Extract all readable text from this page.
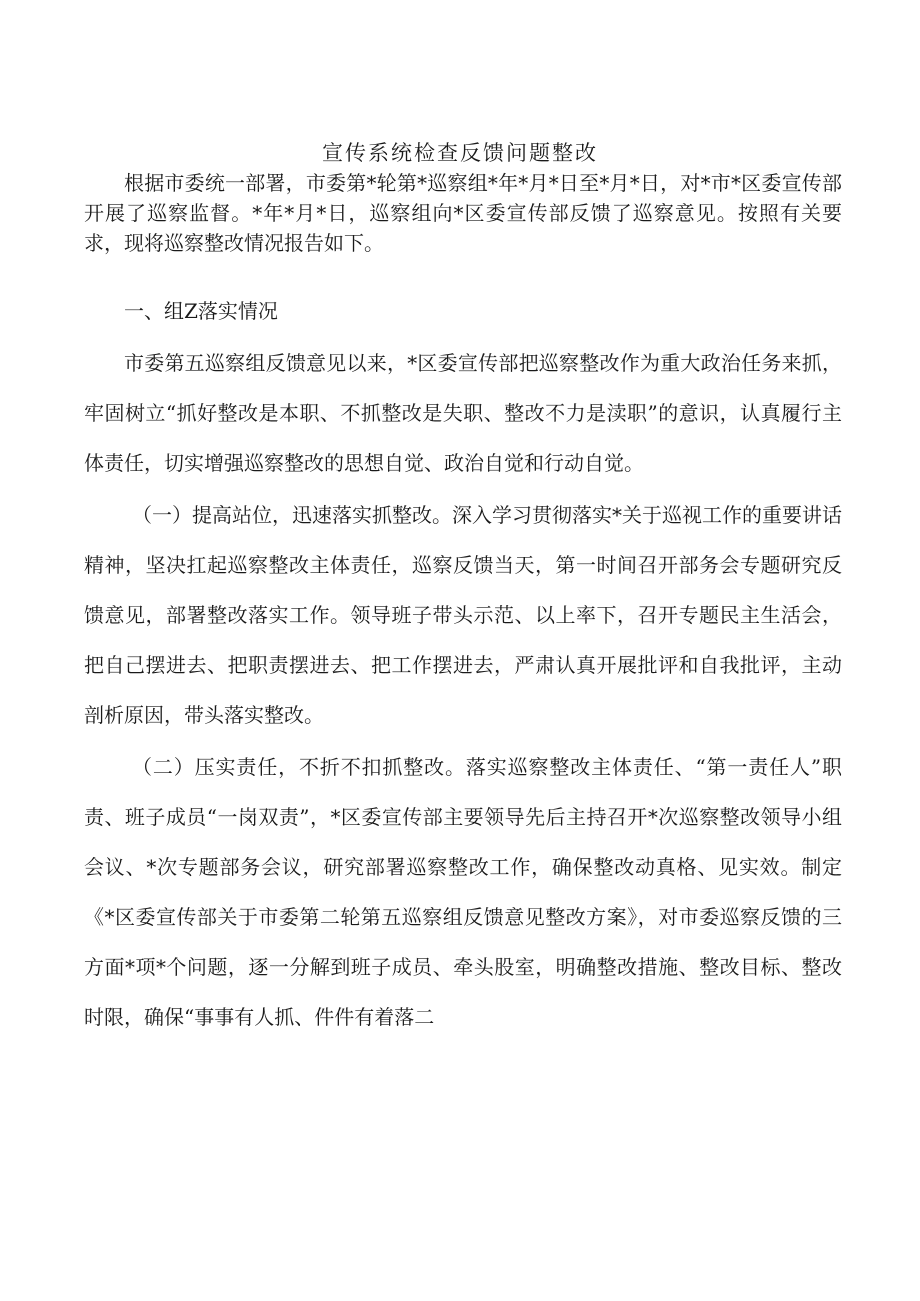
宣传系统检查反馈问题整改

根据市委统一部署，市委第*轮第*巡察组*年*月*日至*月*日，对*市*区委宣传部开展了巡察监督。*年*月*日，巡察组向*区委宣传部反馈了巡察意见。按照有关要求，现将巡察整改情况报告如下。

一、组Z落实情况

市委第五巡察组反馈意见以来，*区委宣传部把巡察整改作为重大政治任务来抓，牢固树立“抓好整改是本职、不抓整改是失职、整改不力是渎职”的意识，认真履行主体责任，切实增强巡察整改的思想自觉、政治自觉和行动自觉。

（一）提高站位，迅速落实抓整改。深入学习贯彻落实*关于巡视工作的重要讲话精神，坚决扛起巡察整改主体责任，巡察反馈当天，第一时间召开部务会专题研究反馈意见，部署整改落实工作。领导班子带头示范、以上率下，召开专题民主生活会，把自己摆进去、把职责摆进去、把工作摆进去，严肃认真开展批评和自我批评，主动剖析原因，带头落实整改。

（二）压实责任，不折不扣抓整改。落实巡察整改主体责任、“第一责任人”职责、班子成员“一岗双责”，*区委宣传部主要领导先后主持召开*次巡察整改领导小组会议、*次专题部务会议，研究部署巡察整改工作，确保整改动真格、见实效。制定《*区委宣传部关于市委第二轮第五巡察组反馈意见整改方案》，对市委巡察反馈的三方面*项*个问题，逐一分解到班子成员、牵头股室，明确整改措施、整改目标、整改时限，确保“事事有人抓、件件有着落二
